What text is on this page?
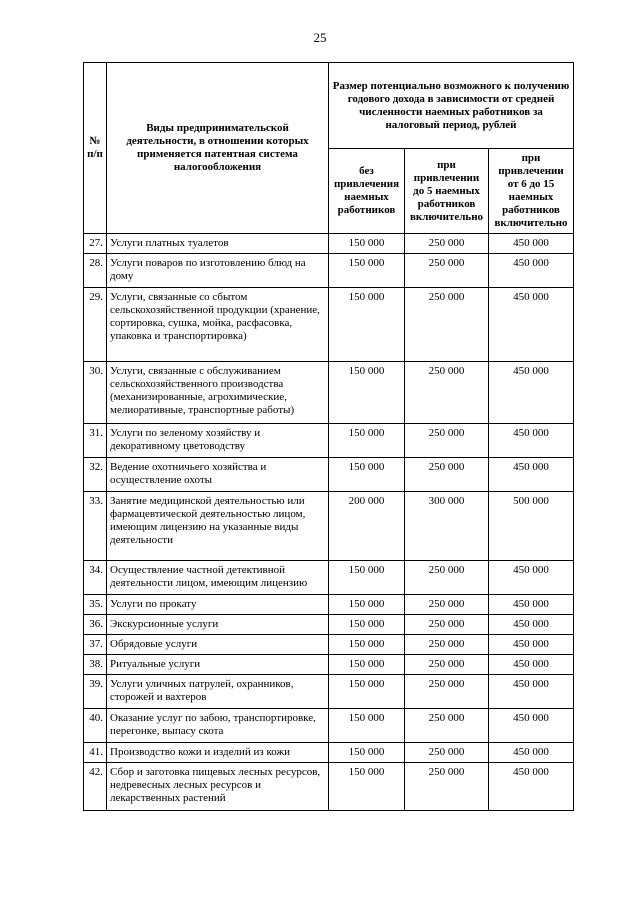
25
№ п/п	Виды предпринимательской деятельности, в отношении которых применяется патентная система налогообложения	Размер потенциально возможного к получению годового дохода в зависимости от средней численности наемных работников за налоговый период, рублей		
		без привлечения наемных работников	при привлечении до 5 наемных работников включительно	при привлечении от 6 до 15 наемных работников включительно
27.	Услуги платных туалетов	150 000	250 000	450 000
28.	Услуги поваров по изготовлению блюд на дому	150 000	250 000	450 000
29.	Услуги, связанные со сбытом сельскохозяйственной продукции (хранение, сортировка, сушка, мойка, расфасовка, упаковка и транспортировка)	150 000	250 000	450 000
30.	Услуги, связанные с обслуживанием сельскохозяйственного производства (механизированные, агрохимические, мелиоративные, транспортные работы)	150 000	250 000	450 000
31.	Услуги по зеленому хозяйству и декоративному цветоводству	150 000	250 000	450 000
32.	Ведение охотничьего хозяйства и осуществление охоты	150 000	250 000	450 000
33.	Занятие медицинской деятельностью или фармацевтической деятельностью лицом, имеющим лицензию на указанные виды деятельности	200 000	300 000	500 000
34.	Осуществление частной детективной деятельности лицом, имеющим лицензию	150 000	250 000	450 000
35.	Услуги по прокату	150 000	250 000	450 000
36.	Экскурсионные услуги	150 000	250 000	450 000
37.	Обрядовые услуги	150 000	250 000	450 000
38.	Ритуальные услуги	150 000	250 000	450 000
39.	Услуги уличных патрулей, охранников, сторожей и вахтеров	150 000	250 000	450 000
40.	Оказание услуг по забою, транспортировке, перегонке, выпасу скота	150 000	250 000	450 000
41.	Производство кожи и изделий из кожи	150 000	250 000	450 000
42.	Сбор и заготовка пищевых лесных ресурсов, недревесных лесных ресурсов и лекарственных растений	150 000	250 000	450 000
